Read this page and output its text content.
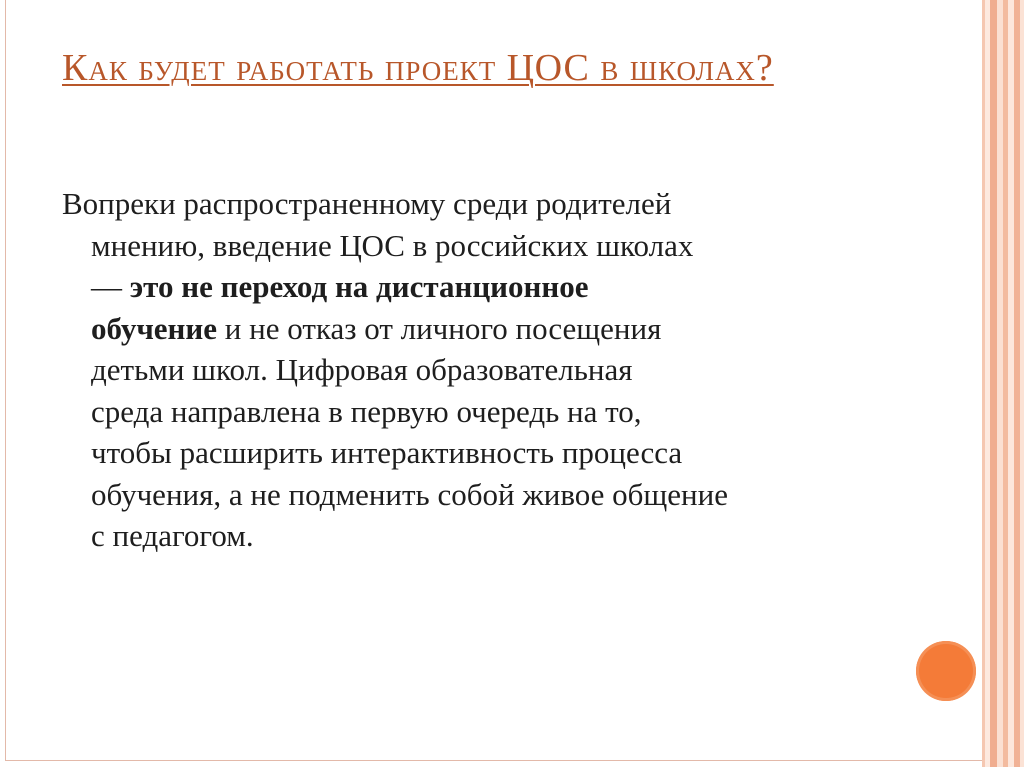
Как будет работать проект ЦОС в школах?
Вопреки распространенному среди родителей
мнению, введение ЦОС в российских школах
— это не переход на дистанционное
обучение и не отказ от личного посещения
детьми школ. Цифровая образовательная
среда направлена в первую очередь на то,
чтобы расширить интерактивность процесса
обучения, а не подменить собой живое общение
с педагогом.
